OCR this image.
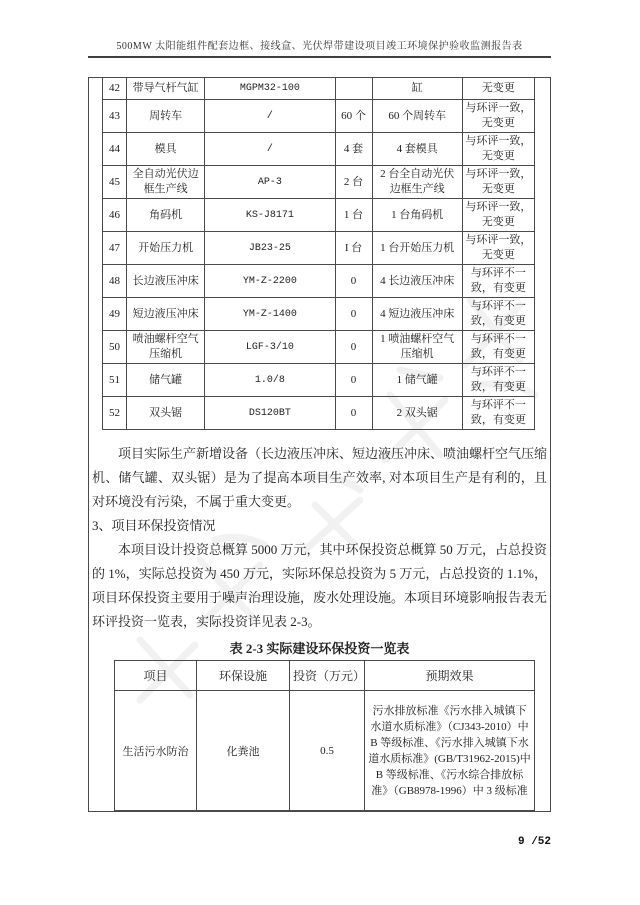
500MW 太阳能组件配套边框、接线盒、光伏焊带建设项目竣工环境保护验收监测报告表
42	带导气杆气缸	MGPM32-100		缸	无变更
43	周转车	/	60 个	60 个周转车	与环评一致，无变更
44	模具	/	4 套	4 套模具	与环评一致，无变更
45	全自动光伏边框生产线	AP-3	2 台	2 台全自动光伏边框生产线	与环评一致，无变更
46	角码机	KS-J8171	1 台	1 台角码机	与环评一致，无变更
47	开始压力机	JB23-25	I 台	1 台开始压力机	与环评一致，无变更
48	长边液压冲床	YM-Z-2200	0	4 长边液压冲床	与环评不一致，有变更
49	短边液压冲床	YM-Z-1400	0	4 短边液压冲床	与环评不一致，有变更
50	喷油螺杆空气压缩机	LGF-3/10	0	1 喷油螺杆空气压缩机	与环评不一致，有变更
51	储气罐	1.0/8	0	1 储气罐	与环评不一致，有变更
52	双头锯	DS120BT	0	2 双头锯	与环评不一致，有变更

项目实际生产新增设备（长边液压冲床、短边液压冲床、喷油螺杆空气压缩机、储气罐、双头锯）是为了提高本项目生产效率, 对本项目生产是有利的，且对环境没有污染，不属于重大变更。

3、项目环保投资情况

本项目设计投资总概算 5000 万元，其中环保投资总概算 50 万元，占总投资的 1%，实际总投资为 450 万元，实际环保总投资为 5 万元，占总投资的 1.1%，项目环保投资主要用于噪声治理设施，废水处理设施。本项目环境影响报告表无环评投资一览表，实际投资详见表 2-3。

表 2-3 实际建设环保投资一览表
项目	环保设施	投资（万元）	预期效果
生活污水防治	化粪池	0.5	污水排放标准《污水排入城镇下水道水质标准》（CJ343-2010）中 B 等级标准、《污水排入城镇下水道水质标准》(GB/T31962-2015)中 B 等级标准、《污水综合排放标准》（GB8978-1996）中 3 级标准
9 /52
